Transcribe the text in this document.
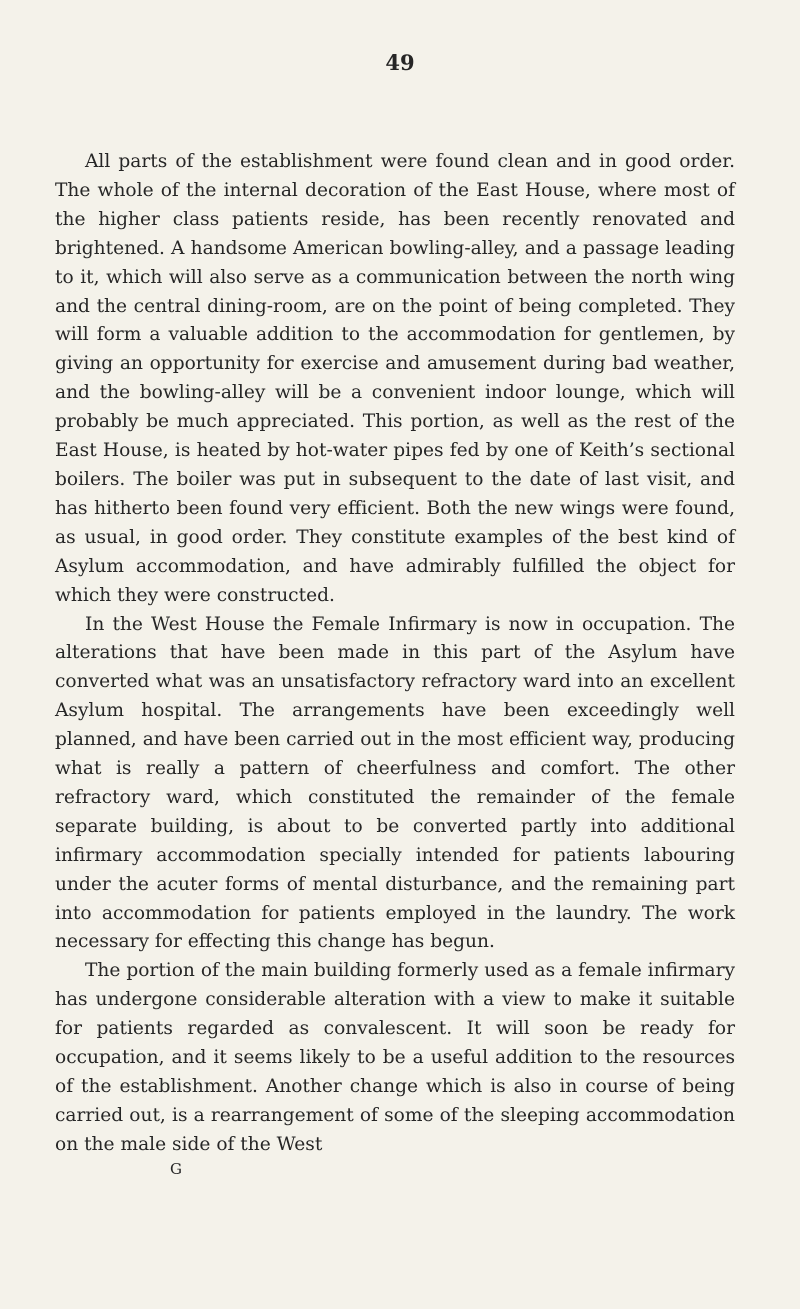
49

All parts of the establishment were found clean and in good order. The whole of the internal decoration of the East House, where most of the higher class patients reside, has been recently renovated and brightened. A handsome American bowling-alley, and a passage leading to it, which will also serve as a communication between the north wing and the central dining-room, are on the point of being completed. They will form a valuable addition to the accommodation for gentlemen, by giving an opportunity for exercise and amusement during bad weather, and the bowling-alley will be a convenient indoor lounge, which will probably be much appreciated. This portion, as well as the rest of the East House, is heated by hot-water pipes fed by one of Keith’s sectional boilers. The boiler was put in subsequent to the date of last visit, and has hitherto been found very efficient. Both the new wings were found, as usual, in good order. They constitute examples of the best kind of Asylum accommodation, and have admirably fulfilled the object for which they were constructed.

In the West House the Female Infirmary is now in occupation. The alterations that have been made in this part of the Asylum have converted what was an unsatisfactory refractory ward into an excellent Asylum hospital. The arrangements have been exceedingly well planned, and have been carried out in the most efficient way, producing what is really a pattern of cheerfulness and comfort. The other refractory ward, which constituted the remainder of the female separate building, is about to be converted partly into additional infirmary accommodation specially intended for patients labouring under the acuter forms of mental disturbance, and the remaining part into accommodation for patients employed in the laundry. The work necessary for effecting this change has begun.

The portion of the main building formerly used as a female infirmary has undergone considerable alteration with a view to make it suitable for patients regarded as convalescent. It will soon be ready for occupation, and it seems likely to be a useful addition to the resources of the establishment. Another change which is also in course of being carried out, is a rearrangement of some of the sleeping accommodation on the male side of the West

G
